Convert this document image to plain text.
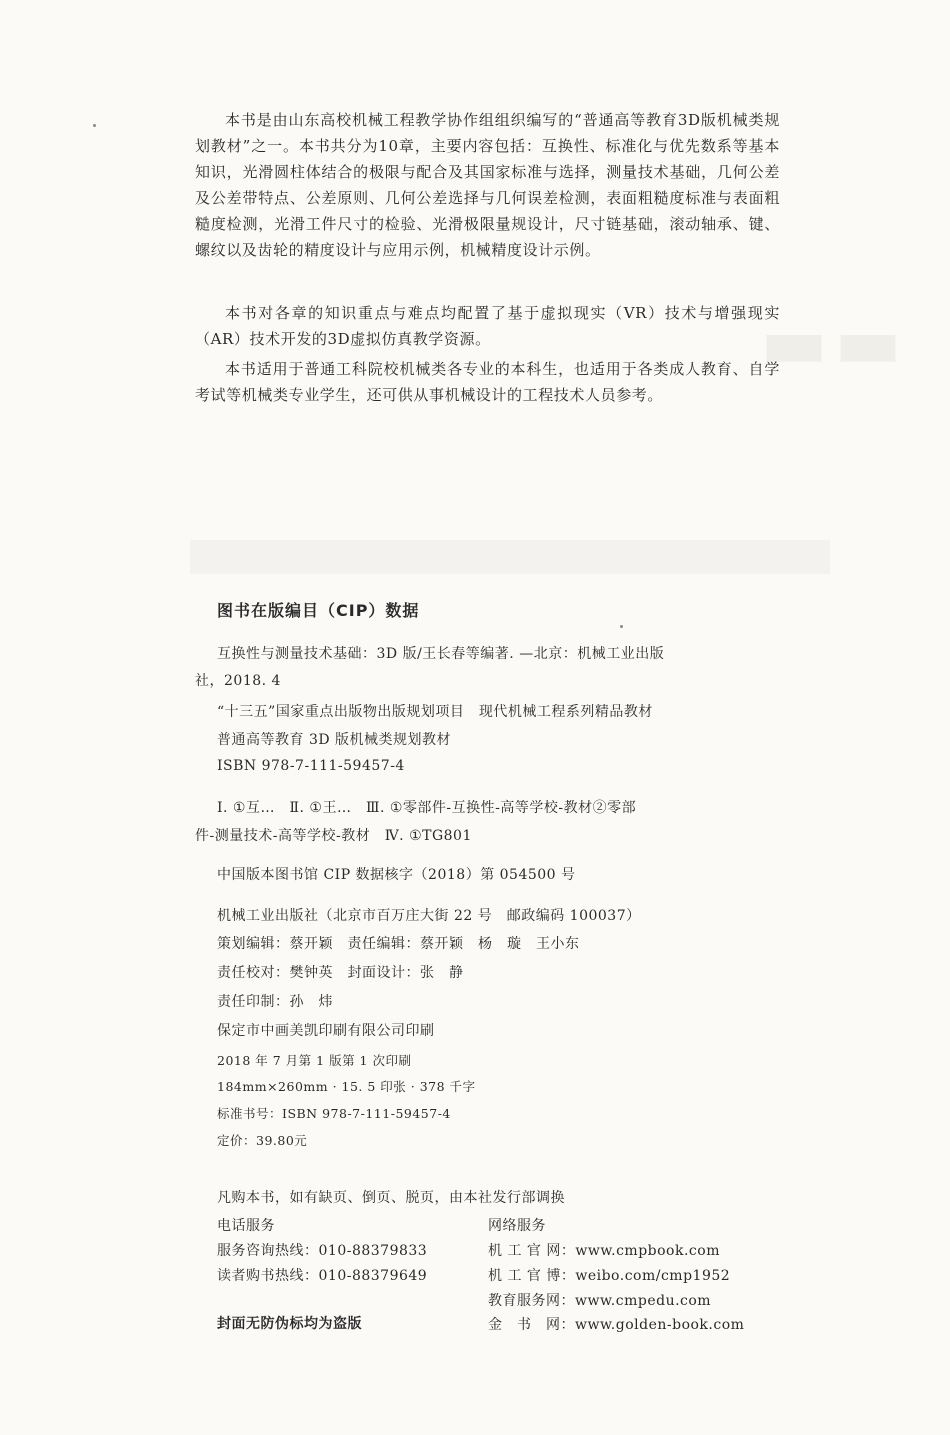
▬▬

本书是由山东高校机械工程教学协作组组织编写的“普通高等教育3D版机械类规划教材”之一。本书共分为10章，主要内容包括：互换性、标准化与优先数系等基本知识，光滑圆柱体结合的极限与配合及其国家标准与选择，测量技术基础，几何公差及公差带特点、公差原则、几何公差选择与几何误差检测，表面粗糙度标准与表面粗糙度检测，光滑工件尺寸的检验、光滑极限量规设计，尺寸链基础，滚动轴承、键、螺纹以及齿轮的精度设计与应用示例，机械精度设计示例。

本书对各章的知识重点与难点均配置了基于虚拟现实（VR）技术与增强现实（AR）技术开发的3D虚拟仿真教学资源。

本书适用于普通工科院校机械类各专业的本科生，也适用于各类成人教育、自学考试等机械类专业学生，还可供从事机械设计的工程技术人员参考。

图书在版编目（CIP）数据
互换性与测量技术基础：3D 版/王长春等编著. —北京：机械工业出版
社，2018. 4
“十三五”国家重点出版物出版规划项目　现代机械工程系列精品教材
普通高等教育 3D 版机械类规划教材
ISBN 978-7-111-59457-4
Ⅰ. ①互…　Ⅱ. ①王…　Ⅲ. ①零部件-互换性-高等学校-教材②零部
件-测量技术-高等学校-教材　Ⅳ. ①TG801
中国版本图书馆 CIP 数据核字（2018）第 054500 号
机械工业出版社（北京市百万庄大街 22 号　邮政编码 100037）
策划编辑：蔡开颖　责任编辑：蔡开颖　杨　璇　王小东
责任校对：樊钟英　封面设计：张　静
责任印制：孙　炜
保定市中画美凯印刷有限公司印刷
2018 年 7 月第 1 版第 1 次印刷
184mm×260mm · 15. 5 印张 · 378 千字
标准书号：ISBN 978-7-111-59457-4
定价：39.80元
凡购本书，如有缺页、倒页、脱页，由本社发行部调换
电话服务
服务咨询热线：010-88379833
读者购书热线：010-88379649
封面无防伪标均为盗版
网络服务
机 工 官 网：www.cmpbook.com
机 工 官 博：weibo.com/cmp1952
教育服务网：www.cmpedu.com
金　书　网：www.golden-book.com
